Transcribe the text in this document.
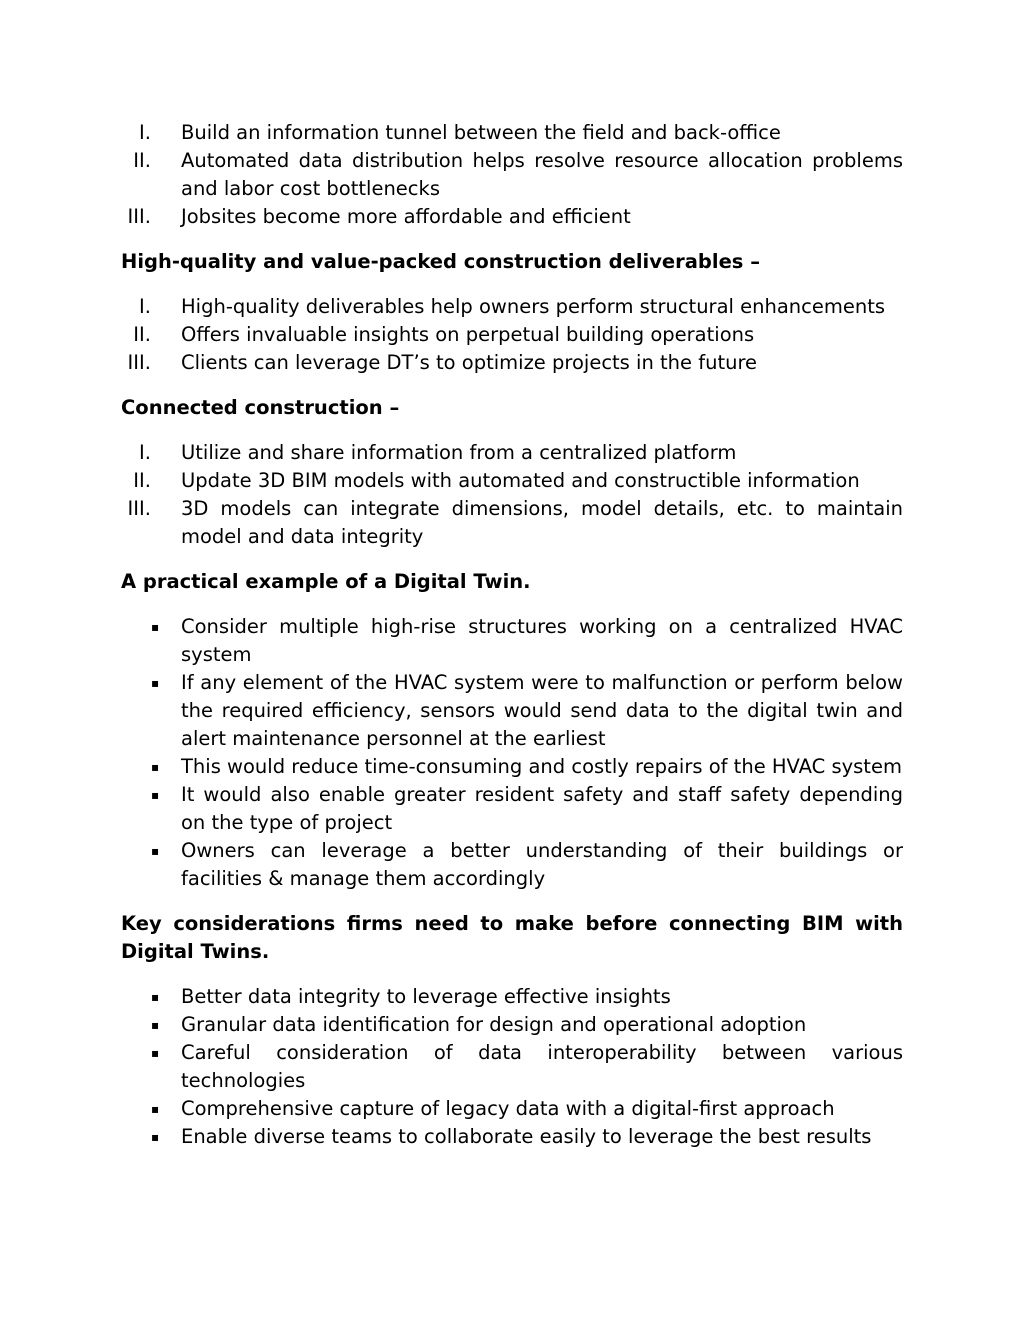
I. Build an information tunnel between the field and back-office
II. Automated data distribution helps resolve resource allocation problems and labor cost bottlenecks
III. Jobsites become more affordable and efficient
High-quality and value-packed construction deliverables –
I. High-quality deliverables help owners perform structural enhancements
II. Offers invaluable insights on perpetual building operations
III. Clients can leverage DT’s to optimize projects in the future
Connected construction –
I. Utilize and share information from a centralized platform
II. Update 3D BIM models with automated and constructible information
III. 3D models can integrate dimensions, model details, etc. to maintain model and data integrity
A practical example of a Digital Twin.
▪ Consider multiple high-rise structures working on a centralized HVAC system
▪ If any element of the HVAC system were to malfunction or perform below the required efficiency, sensors would send data to the digital twin and alert maintenance personnel at the earliest
▪ This would reduce time-consuming and costly repairs of the HVAC system
▪ It would also enable greater resident safety and staff safety depending on the type of project
▪ Owners can leverage a better understanding of their buildings or facilities & manage them accordingly
Key considerations firms need to make before connecting BIM with Digital Twins.
▪ Better data integrity to leverage effective insights
▪ Granular data identification for design and operational adoption
▪ Careful consideration of data interoperability between various technologies
▪ Comprehensive capture of legacy data with a digital-first approach
▪ Enable diverse teams to collaborate easily to leverage the best results
